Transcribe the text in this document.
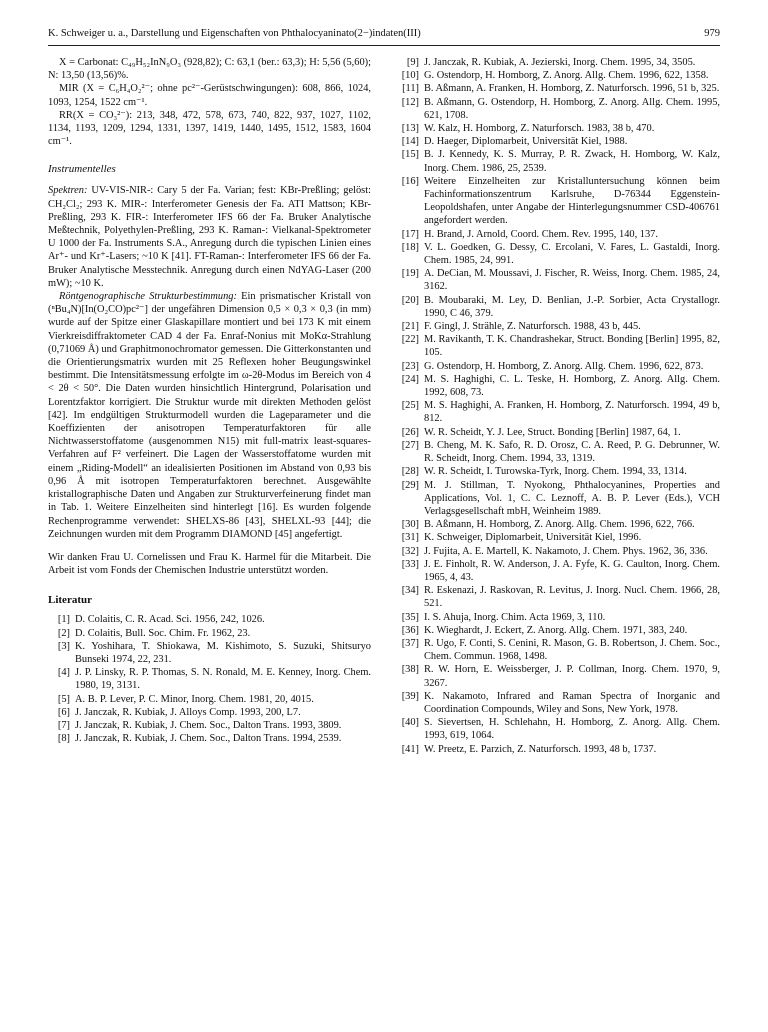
K. Schweiger u. a., Darstellung und Eigenschaften von Phthalocyaninato(2−)indaten(III)	979

X = Carbonat: C₄₉H₅₂InN₉O₃ (928,82); C: 63,1 (ber.: 63,3); H: 5,56 (5,60); N: 13,50 (13,56)%.

MIR (X = C₆H₄O₂²⁻; ohne pc²⁻-Gerüstschwingungen): 608, 866, 1024, 1093, 1254, 1522 cm⁻¹.

RR(X = CO₃²⁻): 213, 348, 472, 578, 673, 740, 822, 937, 1027, 1102, 1134, 1193, 1209, 1294, 1331, 1397, 1419, 1440, 1495, 1512, 1583, 1604 cm⁻¹.

Instrumentelles

Spektren: UV-VIS-NIR-: Cary 5 der Fa. Varian; fest: KBr-Preßling; gelöst: CH₂Cl₂; 293 K. MIR-: Interferometer Genesis der Fa. ATI Mattson; KBr-Preßling, 293 K. FIR-: Interferometer IFS 66 der Fa. Bruker Analytische Meßtechnik, Polyethylen-Preßling, 293 K. Raman-: Vielkanal-Spektrometer U 1000 der Fa. Instruments S.A., Anregung durch die typischen Linien eines Ar⁺- und Kr⁺-Lasers; ~10 K [41]. FT-Raman-: Interferometer IFS 66 der Fa. Bruker Analytische Messtechnik. Anregung durch einen NdYAG-Laser (200 mW); ~10 K.

Röntgenographische Strukturbestimmung: Ein prismatischer Kristall von (ⁿBu₄N)[In(O₂CO)pc²⁻] der ungefähren Dimension 0,5 × 0,3 × 0,3 (in mm) wurde auf der Spitze einer Glaskapillare montiert und bei 173 K mit einem Vierkreisdiffraktometer CAD 4 der Fa. Enraf-Nonius mit MoKα-Strahlung (0,71069 Å) und Graphitmonochromator gemessen. Die Gitterkonstanten und die Orientierungsmatrix wurden mit 25 Reflexen hoher Beugungswinkel bestimmt. Die Intensitätsmessung erfolgte im ω-2θ-Modus im Bereich von 4 < 2θ < 50°. Die Daten wurden hinsichtlich Hintergrund, Polarisation und Lorentzfaktor korrigiert. Die Struktur wurde mit direkten Methoden gelöst [42]. Im endgültigen Strukturmodell wurden die Lageparameter und die Koeffizienten der anisotropen Temperaturfaktoren für alle Nichtwasserstoffatome (ausgenommen N15) mit full-matrix least-squares-Verfahren auf F² verfeinert. Die Lagen der Wasserstoffatome wurden mit einem „Riding-Modell“ an idealisierten Positionen im Abstand von 0,93 bis 0,96 Å mit isotropen Temperaturfaktoren berechnet. Ausgewählte kristallographische Daten und Angaben zur Strukturverfeinerung findet man in Tab. 1. Weitere Einzelheiten sind hinterlegt [16]. Es wurden folgende Rechenprogramme verwendet: SHELXS-86 [43], SHELXL-93 [44]; die Zeichnungen wurden mit dem Programm DIAMOND [45] angefertigt.

Wir danken Frau U. Cornelissen und Frau K. Harmel für die Mitarbeit. Die Arbeit ist vom Fonds der Chemischen Industrie unterstützt worden.

Literatur
[1] D. Colaitis, C. R. Acad. Sci. 1956, 242, 1026.
[2] D. Colaitis, Bull. Soc. Chim. Fr. 1962, 23.
[3] K. Yoshihara, T. Shiokawa, M. Kishimoto, S. Suzuki, Shitsuryo Bunseki 1974, 22, 231.
[4] J. P. Linsky, R. P. Thomas, S. N. Ronald, M. E. Kenney, Inorg. Chem. 1980, 19, 3131.
[5] A. B. P. Lever, P. C. Minor, Inorg. Chem. 1981, 20, 4015.
[6] J. Janczak, R. Kubiak, J. Alloys Comp. 1993, 200, L7.
[7] J. Janczak, R. Kubiak, J. Chem. Soc., Dalton Trans. 1993, 3809.
[8] J. Janczak, R. Kubiak, J. Chem. Soc., Dalton Trans. 1994, 2539.
[9] J. Janczak, R. Kubiak, A. Jezierski, Inorg. Chem. 1995, 34, 3505.
[10] G. Ostendorp, H. Homborg, Z. Anorg. Allg. Chem. 1996, 622, 1358.
[11] B. Aßmann, A. Franken, H. Homborg, Z. Naturforsch. 1996, 51 b, 325.
[12] B. Aßmann, G. Ostendorp, H. Homborg, Z. Anorg. Allg. Chem. 1995, 621, 1708.
[13] W. Kalz, H. Homborg, Z. Naturforsch. 1983, 38 b, 470.
[14] D. Haeger, Diplomarbeit, Universität Kiel, 1988.
[15] B. J. Kennedy, K. S. Murray, P. R. Zwack, H. Homborg, W. Kalz, Inorg. Chem. 1986, 25, 2539.
[16] Weitere Einzelheiten zur Kristalluntersuchung können beim Fachinformationszentrum Karlsruhe, D-76344 Eggenstein-Leopoldshafen, unter Angabe der Hinterlegungsnummer CSD-406761 angefordert werden.
[17] H. Brand, J. Arnold, Coord. Chem. Rev. 1995, 140, 137.
[18] V. L. Goedken, G. Dessy, C. Ercolani, V. Fares, L. Gastaldi, Inorg. Chem. 1985, 24, 991.
[19] A. DeCian, M. Moussavi, J. Fischer, R. Weiss, Inorg. Chem. 1985, 24, 3162.
[20] B. Moubaraki, M. Ley, D. Benlian, J.-P. Sorbier, Acta Crystallogr. 1990, C 46, 379.
[21] F. Gingl, J. Strähle, Z. Naturforsch. 1988, 43 b, 445.
[22] M. Ravikanth, T. K. Chandrashekar, Struct. Bonding [Berlin] 1995, 82, 105.
[23] G. Ostendorp, H. Homborg, Z. Anorg. Allg. Chem. 1996, 622, 873.
[24] M. S. Haghighi, C. L. Teske, H. Homborg, Z. Anorg. Allg. Chem. 1992, 608, 73.
[25] M. S. Haghighi, A. Franken, H. Homborg, Z. Naturforsch. 1994, 49 b, 812.
[26] W. R. Scheidt, Y. J. Lee, Struct. Bonding [Berlin] 1987, 64, 1.
[27] B. Cheng, M. K. Safo, R. D. Orosz, C. A. Reed, P. G. Debrunner, W. R. Scheidt, Inorg. Chem. 1994, 33, 1319.
[28] W. R. Scheidt, I. Turowska-Tyrk, Inorg. Chem. 1994, 33, 1314.
[29] M. J. Stillman, T. Nyokong, Phthalocyanines, Properties and Applications, Vol. 1, C. C. Leznoff, A. B. P. Lever (Eds.), VCH Verlagsgesellschaft mbH, Weinheim 1989.
[30] B. Aßmann, H. Homborg, Z. Anorg. Allg. Chem. 1996, 622, 766.
[31] K. Schweiger, Diplomarbeit, Universität Kiel, 1996.
[32] J. Fujita, A. E. Martell, K. Nakamoto, J. Chem. Phys. 1962, 36, 336.
[33] J. E. Finholt, R. W. Anderson, J. A. Fyfe, K. G. Caulton, Inorg. Chem. 1965, 4, 43.
[34] R. Eskenazi, J. Raskovan, R. Levitus, J. Inorg. Nucl. Chem. 1966, 28, 521.
[35] I. S. Ahuja, Inorg. Chim. Acta 1969, 3, 110.
[36] K. Wieghardt, J. Eckert, Z. Anorg. Allg. Chem. 1971, 383, 240.
[37] R. Ugo, F. Conti, S. Cenini, R. Mason, G. B. Robertson, J. Chem. Soc., Chem. Commun. 1968, 1498.
[38] R. W. Horn, E. Weissberger, J. P. Collman, Inorg. Chem. 1970, 9, 3267.
[39] K. Nakamoto, Infrared and Raman Spectra of Inorganic and Coordination Compounds, Wiley and Sons, New York, 1978.
[40] S. Sievertsen, H. Schlehahn, H. Homborg, Z. Anorg. Allg. Chem. 1993, 619, 1064.
[41] W. Preetz, E. Parzich, Z. Naturforsch. 1993, 48 b, 1737.
